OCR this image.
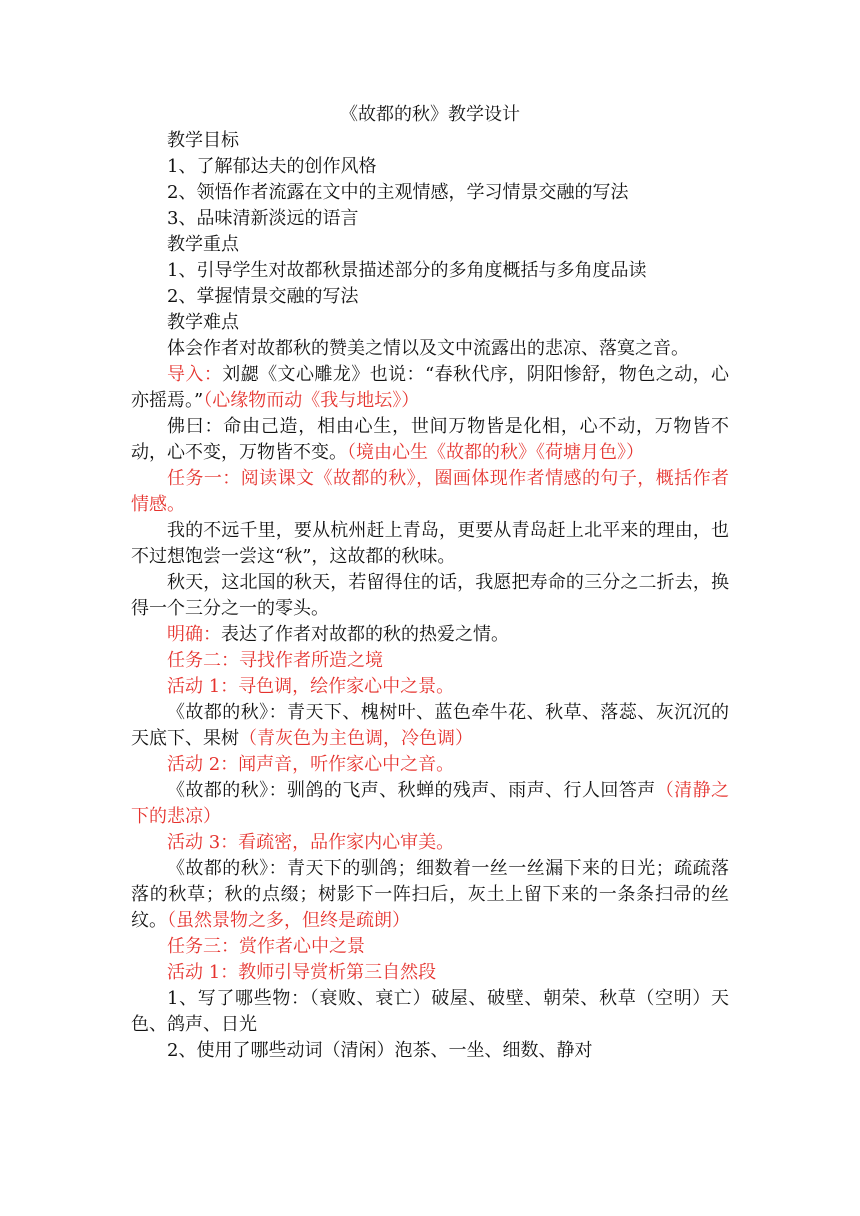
《故都的秋》教学设计

教学目标

1、了解郁达夫的创作风格

2、领悟作者流露在文中的主观情感，学习情景交融的写法

3、品味清新淡远的语言

教学重点

1、引导学生对故都秋景描述部分的多角度概括与多角度品读

2、掌握情景交融的写法

教学难点

体会作者对故都秋的赞美之情以及文中流露出的悲凉、落寞之音。

导入：刘勰《文心雕龙》也说：“春秋代序，阴阳惨舒，物色之动，心亦摇焉。”（心缘物而动《我与地坛》）

佛曰：命由己造，相由心生，世间万物皆是化相，心不动，万物皆不动，心不变，万物皆不变。（境由心生《故都的秋》《荷塘月色》）

任务一：阅读课文《故都的秋》，圈画体现作者情感的句子，概括作者情感。

我的不远千里，要从杭州赶上青岛，更要从青岛赶上北平来的理由，也不过想饱尝一尝这“秋”，这故都的秋味。

秋天，这北国的秋天，若留得住的话，我愿把寿命的三分之二折去，换得一个三分之一的零头。

明确：表达了作者对故都的秋的热爱之情。

任务二：寻找作者所造之境

活动 1：寻色调，绘作家心中之景。

《故都的秋》：青天下、槐树叶、蓝色牵牛花、秋草、落蕊、灰沉沉的天底下、果树（青灰色为主色调，冷色调）

活动 2：闻声音，听作家心中之音。

《故都的秋》：驯鸽的飞声、秋蝉的残声、雨声、行人回答声（清静之下的悲凉）

活动 3：看疏密，品作家内心审美。

《故都的秋》：青天下的驯鸽；细数着一丝一丝漏下来的日光；疏疏落落的秋草；秋的点缀；树影下一阵扫后，灰土上留下来的一条条扫帚的丝纹。（虽然景物之多，但终是疏朗）

任务三：赏作者心中之景

活动 1：教师引导赏析第三自然段

1、写了哪些物：（衰败、衰亡）破屋、破壁、朝荣、秋草（空明）天色、鸽声、日光

2、使用了哪些动词（清闲）泡茶、一坐、细数、静对
